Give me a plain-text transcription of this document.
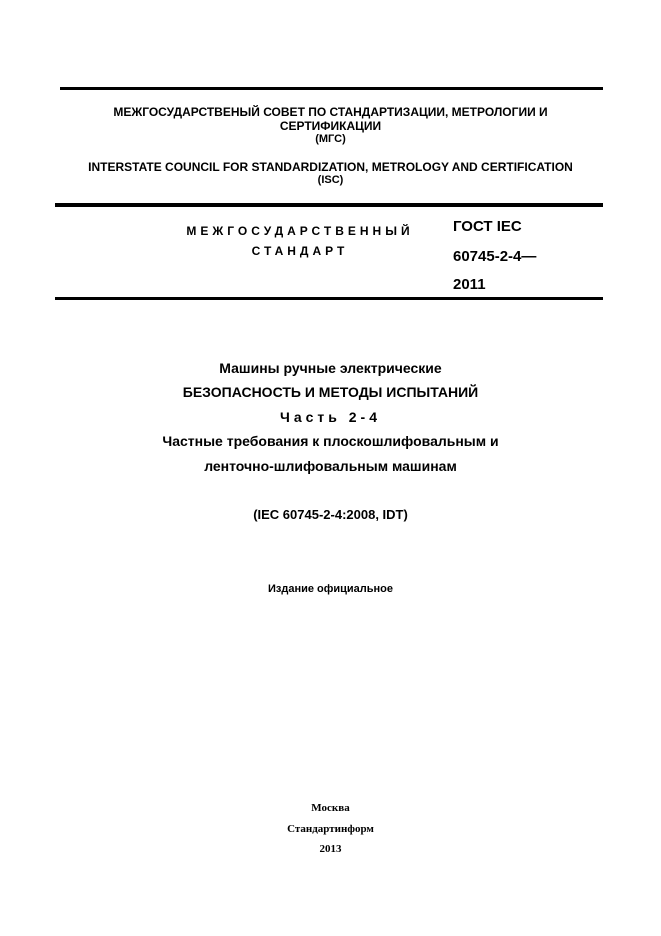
МЕЖГОСУДАРСТВЕНЫЙ СОВЕТ ПО СТАНДАРТИЗАЦИИ, МЕТРОЛОГИИ И
СЕРТИФИКАЦИИ
(МГС)
INTERSTATE COUNCIL FOR STANDARDIZATION, METROLOGY AND CERTIFICATION
(ISC)
МЕЖГОСУДАРСТВЕННЫЙ
СТАНДАРТ
ГОСТ IEC
60745-2-4—
2011
Машины ручные электрические
БЕЗОПАСНОСТЬ И МЕТОДЫ ИСПЫТАНИЙ
Часть 2-4
Частные требования к плоскошлифовальным и
ленточно-шлифовальным машинам
(IEC 60745-2-4:2008, IDT)
Издание официальное
Москва
Стандартинформ
2013
